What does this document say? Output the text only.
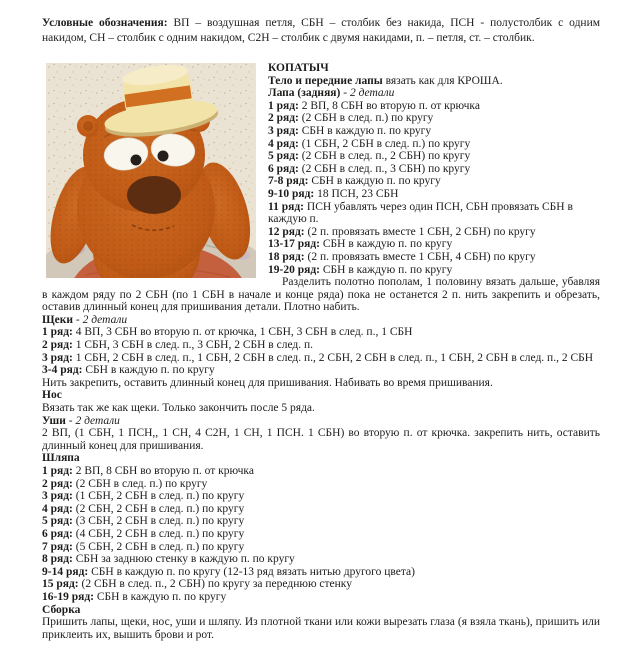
Условные обозначения: ВП – воздушная петля, СБН – столбик без накида, ПСН - полустолбик с одним накидом, СН – столбик с одним накидом, С2Н – столбик с двумя накидами, п. – петля, ст. – столбик.

КОПАТЫЧ

Тело и передние лапы вязать как для КРОША.

Лапа (задняя) - 2 детали

1 ряд: 2 ВП, 8 СБН во вторую п. от крючка

2 ряд: (2 СБН в след. п.) по кругу

3 ряд: СБН в каждую п. по кругу

4 ряд: (1 СБН, 2 СБН в след. п.) по кругу

5 ряд: (2 СБН в след. п., 2 СБН) по кругу

6 ряд: (2 СБН в след. п., 3 СБН) по кругу

7-8 ряд: СБН в каждую п. по кругу

9-10 ряд: 18 ПСН, 23 СБН

11 ряд: ПСН убавлять через один ПСН, СБН провязать СБН в каждую п.

12 ряд: (2 п. провязать вместе 1 СБН, 2 СБН) по кругу

13-17 ряд: СБН в каждую п. по кругу

18 ряд: (2 п. провязать вместе 1 СБН, 4 СБН) по кругу

19-20 ряд: СБН в каждую п. по кругу

Разделить полотно пополам, 1 половину вязать дальше, убавляя в каждом ряду по 2 СБН (по 1 СБН в начале и конце ряда) пока не останется 2 п. нить закрепить и обрезать, оставив длинный конец для пришивания детали. Плотно набить.

Щеки - 2 детали

1 ряд: 4 ВП, 3 СБН во вторую п. от крючка, 1 СБН, 3 СБН в след. п., 1 СБН

2 ряд: 1 СБН, 3 СБН в след. п., 3 СБН, 2 СБН в след. п.

3 ряд: 1 СБН, 2 СБН в след. п., 1 СБН, 2 СБН в след. п., 2 СБН, 2 СБН в след. п., 1 СБН, 2 СБН в след. п., 2 СБН

3-4 ряд: СБН в каждую п. по кругу

Нить закрепить, оставить длинный конец для пришивания. Набивать во время пришивания.

Нос

Вязать так же как щеки. Только закончить после 5 ряда.

Уши - 2 детали

2 ВП, (1 СБН, 1 ПСН,, 1 СН, 4 С2Н, 1 СН, 1 ПСН. 1 СБН) во вторую п. от крючка. закрепить нить, оставить длинный конец для пришивания.

Шляпа

1 ряд: 2 ВП, 8 СБН во вторую п. от крючка

2 ряд: (2 СБН в след. п.) по кругу

3 ряд: (1 СБН, 2 СБН в след. п.) по кругу

4 ряд: (2 СБН, 2 СБН в след. п.) по кругу

5 ряд: (3 СБН, 2 СБН в след. п.) по кругу

6 ряд: (4 СБН, 2 СБН в след. п.) по кругу

7 ряд: (5 СБН, 2 СБН в след. п.) по кругу

8 ряд: СБН за заднюю стенку в каждую п. по кругу

9-14 ряд: СБН в каждую п. по кругу (12-13 ряд вязать нитью другого цвета)

15 ряд: (2 СБН в след. п., 2 СБН) по кругу за переднюю стенку

16-19 ряд: СБН в каждую п. по кругу

Сборка

Пришить лапы, щеки, нос, уши и шляпу. Из плотной ткани или кожи вырезать глаза (я взяла ткань), пришить или приклеить их, вышить брови и рот.
